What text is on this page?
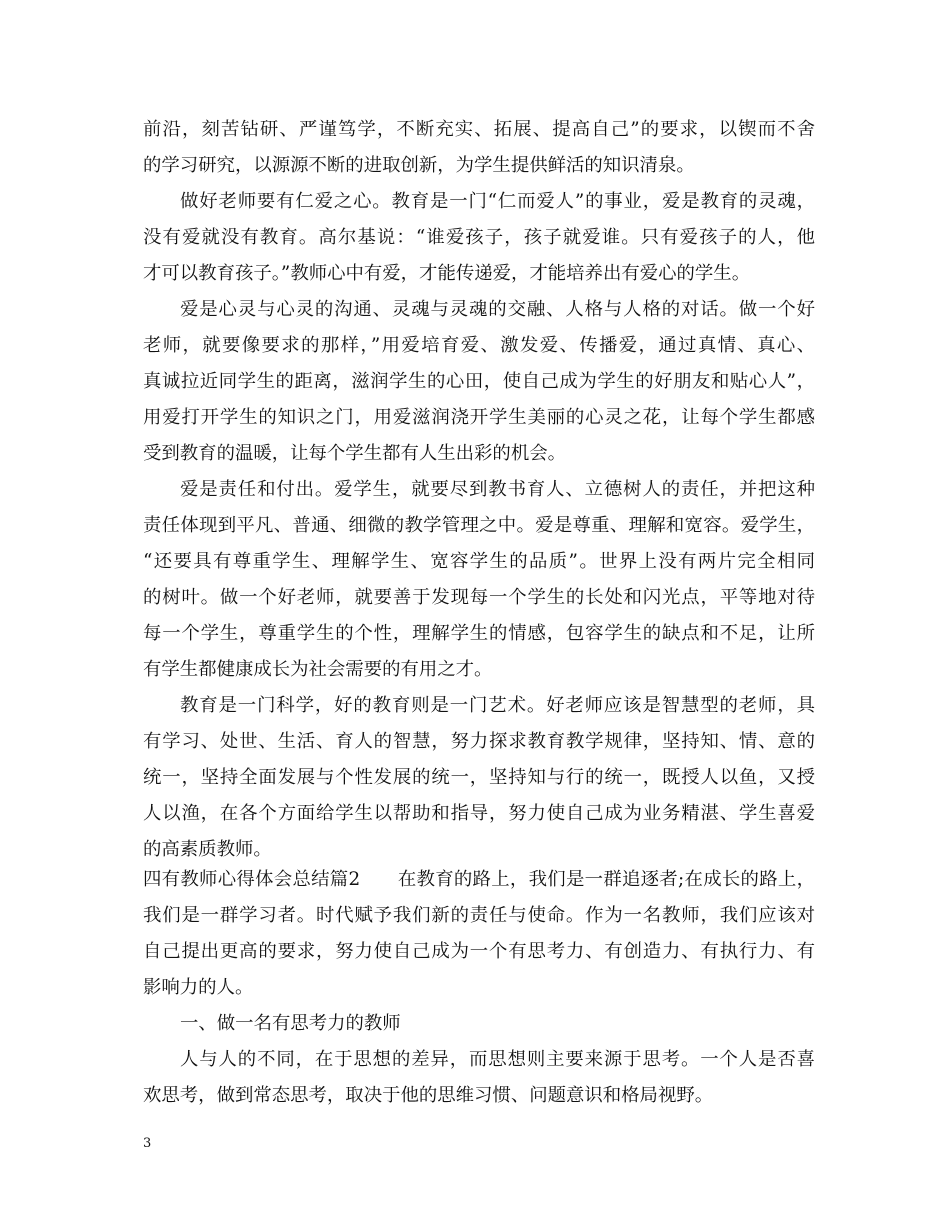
前沿，刻苦钻研、严谨笃学，不断充实、拓展、提高自己”的要求，以锲而不舍
的学习研究，以源源不断的进取创新，为学生提供鲜活的知识清泉。
做好老师要有仁爱之心。教育是一门“仁而爱人”的事业，爱是教育的灵魂，
没有爱就没有教育。高尔基说：“谁爱孩子，孩子就爱谁。只有爱孩子的人，他
才可以教育孩子。”教师心中有爱，才能传递爱，才能培养出有爱心的学生。
爱是心灵与心灵的沟通、灵魂与灵魂的交融、人格与人格的对话。做一个好
老师，就要像要求的那样，”用爱培育爱、激发爱、传播爱，通过真情、真心、
真诚拉近同学生的距离，滋润学生的心田，使自己成为学生的好朋友和贴心人”，
用爱打开学生的知识之门，用爱滋润浇开学生美丽的心灵之花，让每个学生都感
受到教育的温暖，让每个学生都有人生出彩的机会。
爱是责任和付出。爱学生，就要尽到教书育人、立德树人的责任，并把这种
责任体现到平凡、普通、细微的教学管理之中。爱是尊重、理解和宽容。爱学生，
“还要具有尊重学生、理解学生、宽容学生的品质”。世界上没有两片完全相同
的树叶。做一个好老师，就要善于发现每一个学生的长处和闪光点，平等地对待
每一个学生，尊重学生的个性，理解学生的情感，包容学生的缺点和不足，让所
有学生都健康成长为社会需要的有用之才。
教育是一门科学，好的教育则是一门艺术。好老师应该是智慧型的老师，具
有学习、处世、生活、育人的智慧，努力探求教育教学规律，坚持知、情、意的
统一，坚持全面发展与个性发展的统一，坚持知与行的统一，既授人以鱼，又授
人以渔，在各个方面给学生以帮助和指导，努力使自己成为业务精湛、学生喜爱
的高素质教师。
四有教师心得体会总结篇2　　在教育的路上，我们是一群追逐者;在成长的路上，
我们是一群学习者。时代赋予我们新的责任与使命。作为一名教师，我们应该对
自己提出更高的要求，努力使自己成为一个有思考力、有创造力、有执行力、有
影响力的人。
一、做一名有思考力的教师
人与人的不同，在于思想的差异，而思想则主要来源于思考。一个人是否喜
欢思考，做到常态思考，取决于他的思维习惯、问题意识和格局视野。
3
